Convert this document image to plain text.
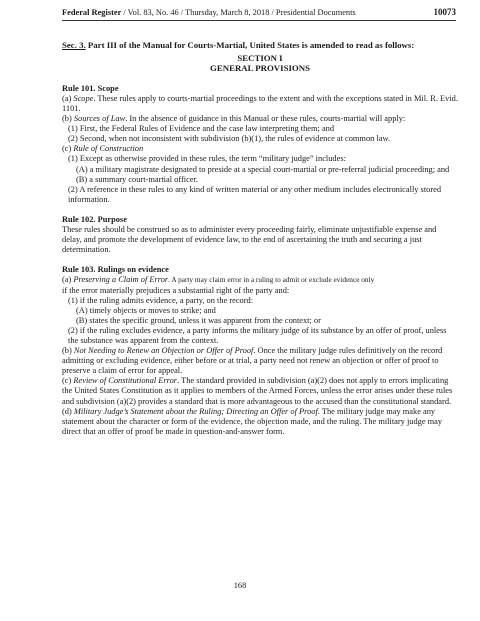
Federal Register / Vol. 83, No. 46 / Thursday, March 8, 2018 / Presidential Documents	10073

Sec. 3. Part III of the Manual for Courts-Martial, United States is amended to read as follows:

SECTION I
GENERAL PROVISIONS

Rule 101. Scope

(a) Scope. These rules apply to courts-martial proceedings to the extent and with the exceptions stated in Mil. R. Evid. 1101.

(b) Sources of Law. In the absence of guidance in this Manual or these rules, courts-martial will apply:

(1) First, the Federal Rules of Evidence and the case law interpreting them; and

(2) Second, when not inconsistent with subdivision (b)(1), the rules of evidence at common law.

(c) Rule of Construction

(1) Except as otherwise provided in these rules, the term “military judge” includes:

(A) a military magistrate designated to preside at a special court-martial or pre-referral judicial proceeding; and

(B) a summary court-martial officer.

(2) A reference in these rules to any kind of written material or any other medium includes electronically stored information.

Rule 102. Purpose

These rules should be construed so as to administer every proceeding fairly, eliminate unjustifiable expense and delay, and promote the development of evidence law, to the end of ascertaining the truth and securing a just determination.

Rule 103. Rulings on evidence

(a) Preserving a Claim of Error. A party may claim error in a ruling to admit or exclude evidence only

if the error materially prejudices a substantial right of the party and:

(1) if the ruling admits evidence, a party, on the record:

(A) timely objects or moves to strike; and

(B) states the specific ground, unless it was apparent from the context; or

(2) if the ruling excludes evidence, a party informs the military judge of its substance by an offer of proof, unless the substance was apparent from the context.

(b) Not Needing to Renew an Objection or Offer of Proof. Once the military judge rules definitively on the record admitting or excluding evidence, either before or at trial, a party need not renew an objection or offer of proof to preserve a claim of error for appeal.

(c) Review of Constitutional Error. The standard provided in subdivision (a)(2) does not apply to errors implicating the United States Constitution as it applies to members of the Armed Forces, unless the error arises under these rules and subdivision (a)(2) provides a standard that is more advantageous to the accused than the constitutional standard.

(d) Military Judge’s Statement about the Ruling; Directing an Offer of Proof. The military judge may make any statement about the character or form of the evidence, the objection made, and the ruling. The military judge may direct that an offer of proof be made in question-and-answer form.

168
